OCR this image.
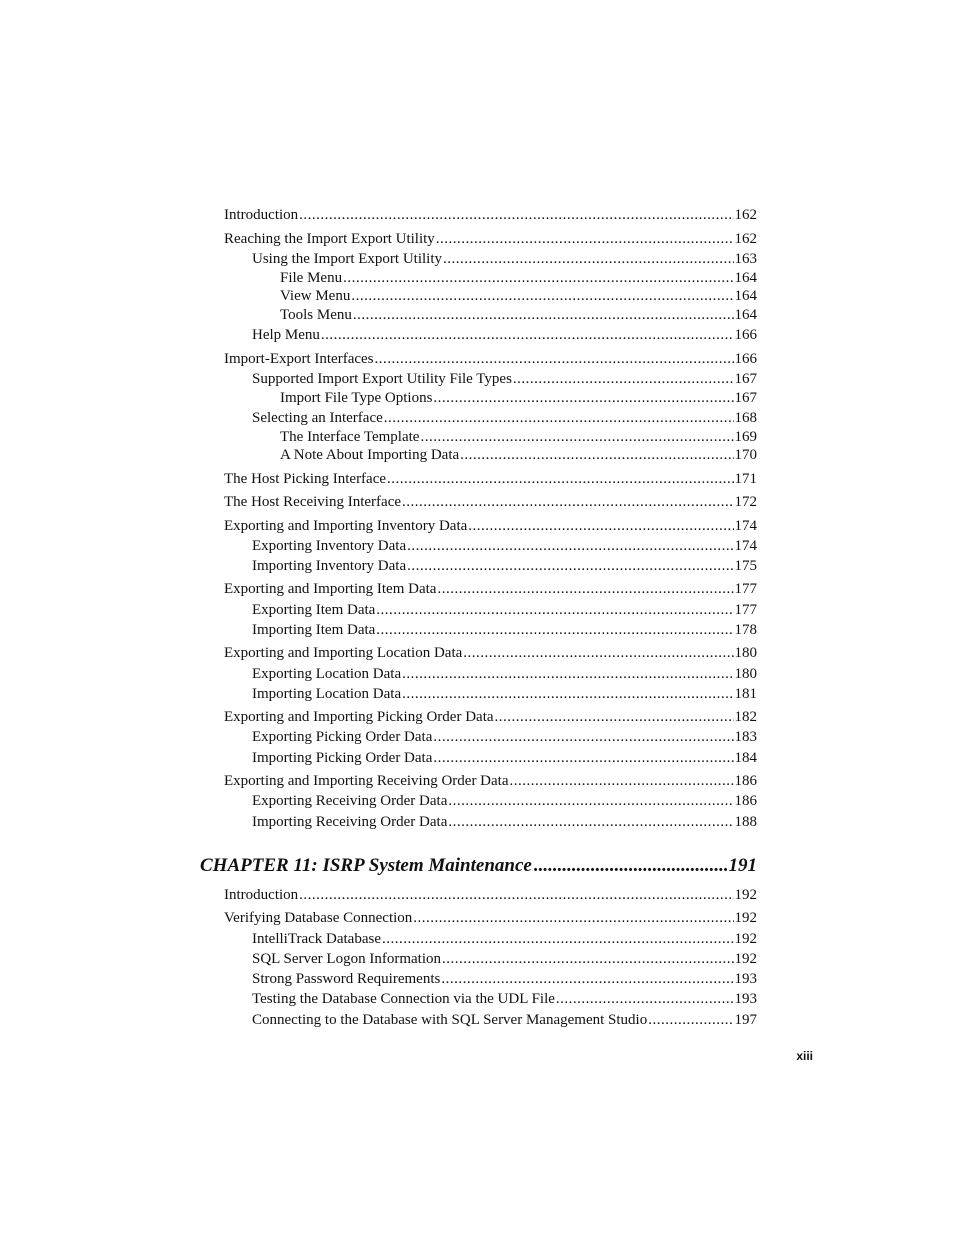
Introduction .....	162
Reaching the Import Export Utility .....	162
Using the Import Export Utility .....	163
File Menu .....	164
View Menu .....	164
Tools Menu .....	164
Help Menu .....	166
Import-Export Interfaces .....	166
Supported Import Export Utility File Types .....	167
Import File Type Options .....	167
Selecting an Interface .....	168
The Interface Template .....	169
A Note About Importing Data .....	170
The Host Picking Interface .....	171
The Host Receiving Interface .....	172
Exporting and Importing Inventory Data .....	174
Exporting Inventory Data .....	174
Importing Inventory Data .....	175
Exporting and Importing Item Data .....	177
Exporting Item Data .....	177
Importing Item Data .....	178
Exporting and Importing Location Data .....	180
Exporting Location Data .....	180
Importing Location Data .....	181
Exporting and Importing Picking Order Data .....	182
Exporting Picking Order Data .....	183
Importing Picking Order Data .....	184
Exporting and Importing Receiving Order Data .....	186
Exporting Receiving Order Data .....	186
Importing Receiving Order Data .....	188
CHAPTER 11: ISRP System Maintenance .....	191
Introduction .....	192
Verifying Database Connection .....	192
IntelliTrack Database .....	192
SQL Server Logon Information .....	192
Strong Password Requirements .....	193
Testing the Database Connection via the UDL File .....	193
Connecting to the Database with SQL Server Management Studio .....	197
xiii
